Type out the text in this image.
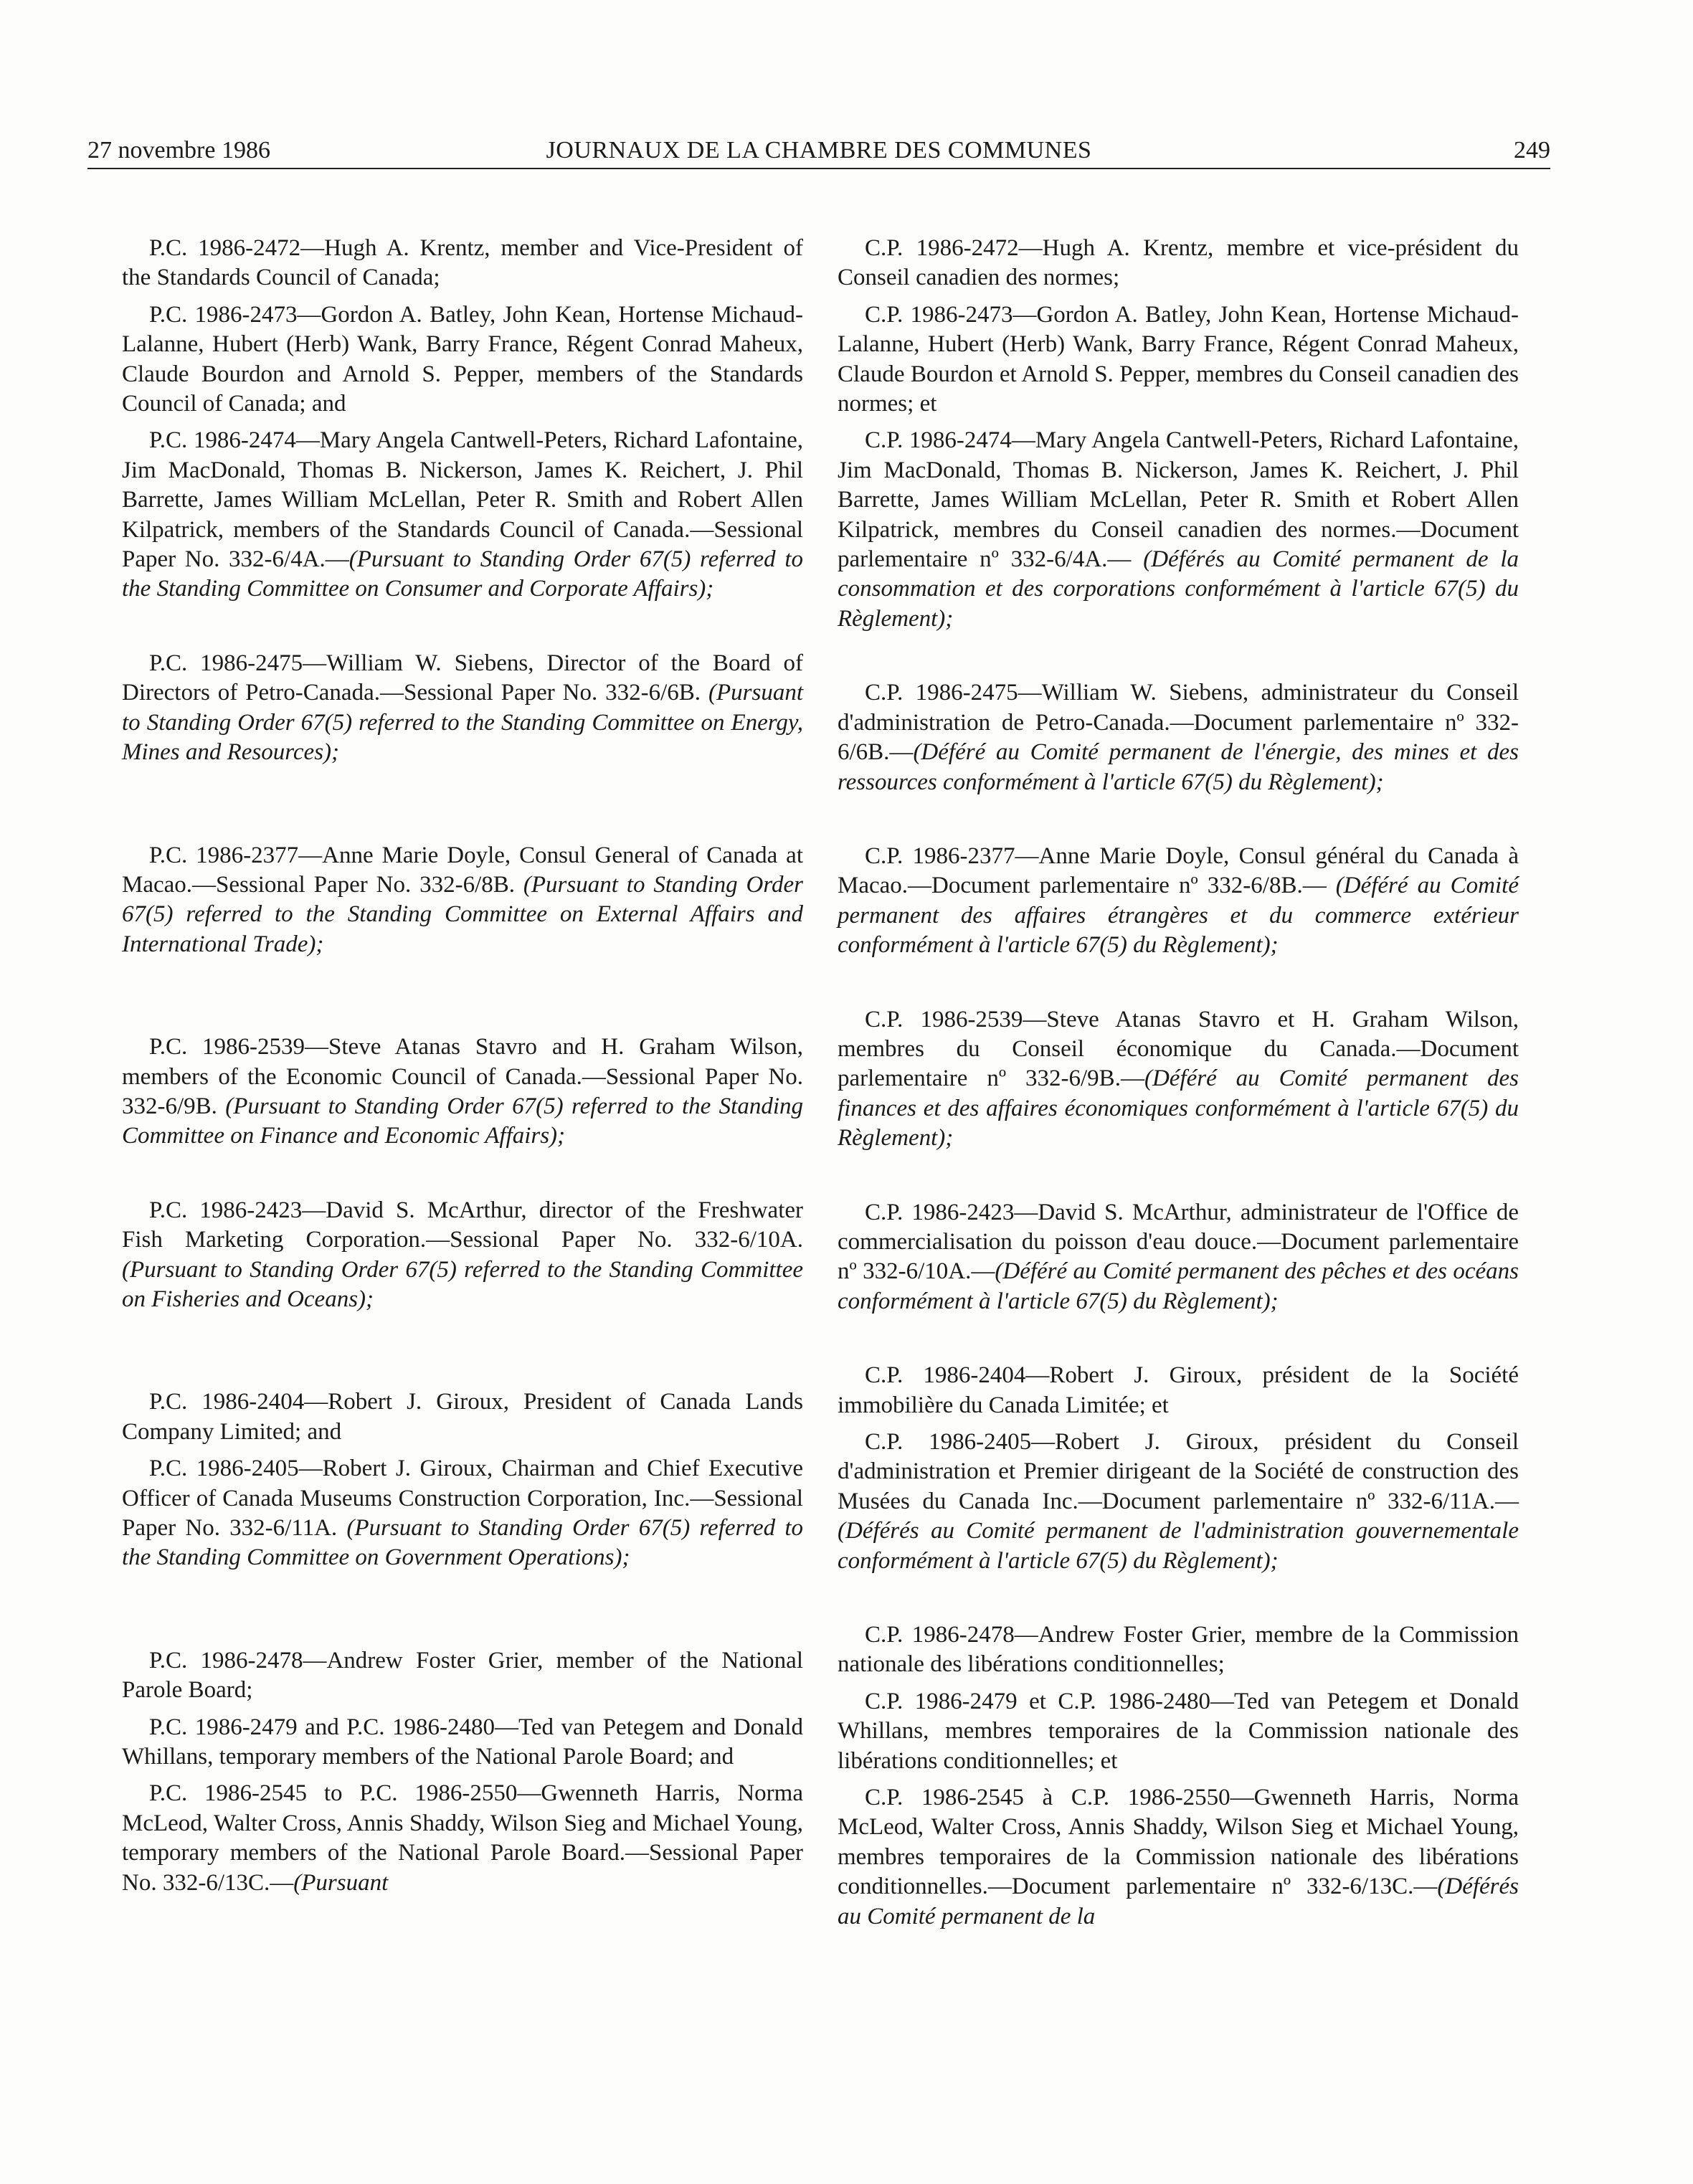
27 novembre 1986	JOURNAUX DE LA CHAMBRE DES COMMUNES	249

P.C. 1986-2472—Hugh A. Krentz, member and Vice-President of the Standards Council of Canada;

P.C. 1986-2473—Gordon A. Batley, John Kean, Hortense Michaud-Lalanne, Hubert (Herb) Wank, Barry France, Régent Conrad Maheux, Claude Bourdon and Arnold S. Pepper, members of the Standards Council of Canada; and

P.C. 1986-2474—Mary Angela Cantwell-Peters, Richard Lafontaine, Jim MacDonald, Thomas B. Nickerson, James K. Reichert, J. Phil Barrette, James William McLellan, Peter R. Smith and Robert Allen Kilpatrick, members of the Standards Council of Canada.—Sessional Paper No. 332-6/4A.—(Pursuant to Standing Order 67(5) referred to the Standing Committee on Consumer and Corporate Affairs);

P.C. 1986-2475—William W. Siebens, Director of the Board of Directors of Petro-Canada.—Sessional Paper No. 332-6/6B. (Pursuant to Standing Order 67(5) referred to the Standing Committee on Energy, Mines and Resources);

P.C. 1986-2377—Anne Marie Doyle, Consul General of Canada at Macao.—Sessional Paper No. 332-6/8B. (Pursuant to Standing Order 67(5) referred to the Standing Committee on External Affairs and International Trade);

P.C. 1986-2539—Steve Atanas Stavro and H. Graham Wilson, members of the Economic Council of Canada.—Sessional Paper No. 332-6/9B. (Pursuant to Standing Order 67(5) referred to the Standing Committee on Finance and Economic Affairs);

P.C. 1986-2423—David S. McArthur, director of the Freshwater Fish Marketing Corporation.—Sessional Paper No. 332-6/10A. (Pursuant to Standing Order 67(5) referred to the Standing Committee on Fisheries and Oceans);

P.C. 1986-2404—Robert J. Giroux, President of Canada Lands Company Limited; and

P.C. 1986-2405—Robert J. Giroux, Chairman and Chief Executive Officer of Canada Museums Construction Corporation, Inc.—Sessional Paper No. 332-6/11A. (Pursuant to Standing Order 67(5) referred to the Standing Committee on Government Operations);

P.C. 1986-2478—Andrew Foster Grier, member of the National Parole Board;

P.C. 1986-2479 and P.C. 1986-2480—Ted van Petegem and Donald Whillans, temporary members of the National Parole Board; and

P.C. 1986-2545 to P.C. 1986-2550—Gwenneth Harris, Norma McLeod, Walter Cross, Annis Shaddy, Wilson Sieg and Michael Young, temporary members of the National Parole Board.—Sessional Paper No. 332-6/13C.—(Pursuant

C.P. 1986-2472—Hugh A. Krentz, membre et vice-président du Conseil canadien des normes;

C.P. 1986-2473—Gordon A. Batley, John Kean, Hortense Michaud-Lalanne, Hubert (Herb) Wank, Barry France, Régent Conrad Maheux, Claude Bourdon et Arnold S. Pepper, membres du Conseil canadien des normes; et

C.P. 1986-2474—Mary Angela Cantwell-Peters, Richard Lafontaine, Jim MacDonald, Thomas B. Nickerson, James K. Reichert, J. Phil Barrette, James William McLellan, Peter R. Smith et Robert Allen Kilpatrick, membres du Conseil canadien des normes.—Document parlementaire nº 332-6/4A.— (Déférés au Comité permanent de la consommation et des corporations conformément à l'article 67(5) du Règlement);

C.P. 1986-2475—William W. Siebens, administrateur du Conseil d'administration de Petro-Canada.—Document parlementaire nº 332-6/6B.—(Déféré au Comité permanent de l'énergie, des mines et des ressources conformément à l'article 67(5) du Règlement);

C.P. 1986-2377—Anne Marie Doyle, Consul général du Canada à Macao.—Document parlementaire nº 332-6/8B.— (Déféré au Comité permanent des affaires étrangères et du commerce extérieur conformément à l'article 67(5) du Règlement);

C.P. 1986-2539—Steve Atanas Stavro et H. Graham Wilson, membres du Conseil économique du Canada.—Document parlementaire nº 332-6/9B.—(Déféré au Comité permanent des finances et des affaires économiques conformément à l'article 67(5) du Règlement);

C.P. 1986-2423—David S. McArthur, administrateur de l'Office de commercialisation du poisson d'eau douce.—Document parlementaire nº 332-6/10A.—(Déféré au Comité permanent des pêches et des océans conformément à l'article 67(5) du Règlement);

C.P. 1986-2404—Robert J. Giroux, président de la Société immobilière du Canada Limitée; et

C.P. 1986-2405—Robert J. Giroux, président du Conseil d'administration et Premier dirigeant de la Société de construction des Musées du Canada Inc.—Document parlementaire nº 332-6/11A.—(Déférés au Comité permanent de l'administration gouvernementale conformément à l'article 67(5) du Règlement);

C.P. 1986-2478—Andrew Foster Grier, membre de la Commission nationale des libérations conditionnelles;

C.P. 1986-2479 et C.P. 1986-2480—Ted van Petegem et Donald Whillans, membres temporaires de la Commission nationale des libérations conditionnelles; et

C.P. 1986-2545 à C.P. 1986-2550—Gwenneth Harris, Norma McLeod, Walter Cross, Annis Shaddy, Wilson Sieg et Michael Young, membres temporaires de la Commission nationale des libérations conditionnelles.—Document parlementaire nº 332-6/13C.—(Déférés au Comité permanent de la
